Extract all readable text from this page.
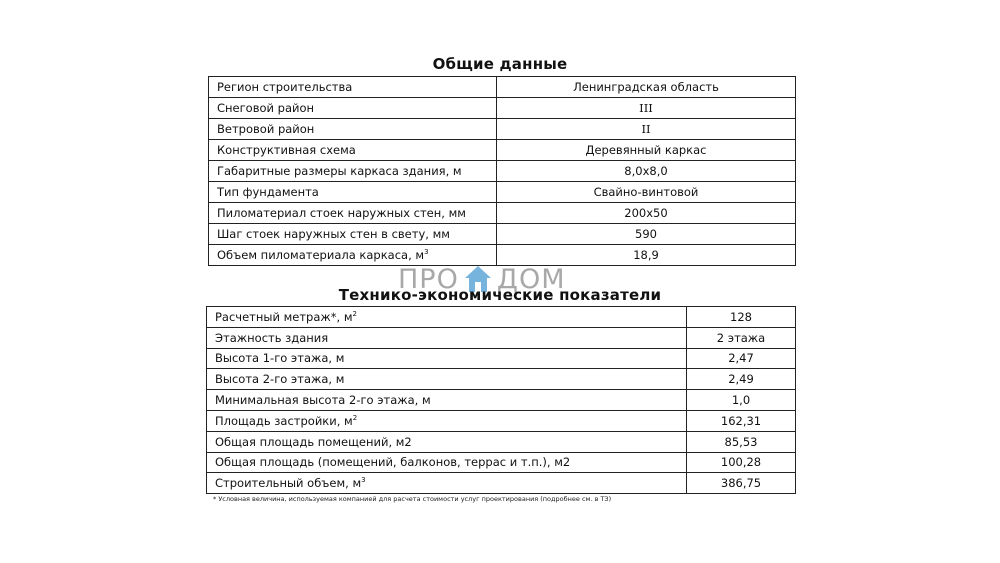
Общие данные
Регион строительства	Ленинградская область
Снеговой район	III
Ветровой район	II
Конструктивная схема	Деревянный каркас
Габаритные размеры каркаса здания, м	8,0х8,0
Тип фундамента	Свайно-винтовой
Пиломатериал стоек наружных стен, мм	200х50
Шаг стоек наружных стен в свету, мм	590
Объем пиломатериала каркаса, $м^3$	18,9
ПРО ДОМ
Технико-экономические показатели
Расчетный метраж*, $м^2$	128
Этажность здания	2 этажа
Высота 1-го этажа, м	2,47
Высота 2-го этажа, м	2,49
Минимальная высота 2-го этажа, м	1,0
Площадь застройки, $м^2$	162,31
Общая площадь помещений, м2	85,53
Общая площадь (помещений, балконов, террас и т.п.), м2	100,28
Строительный объем, $м^3$	386,75
* Условная величина, используемая компанией для расчета стоимости услуг проектирования (подробнее см. в ТЗ)
